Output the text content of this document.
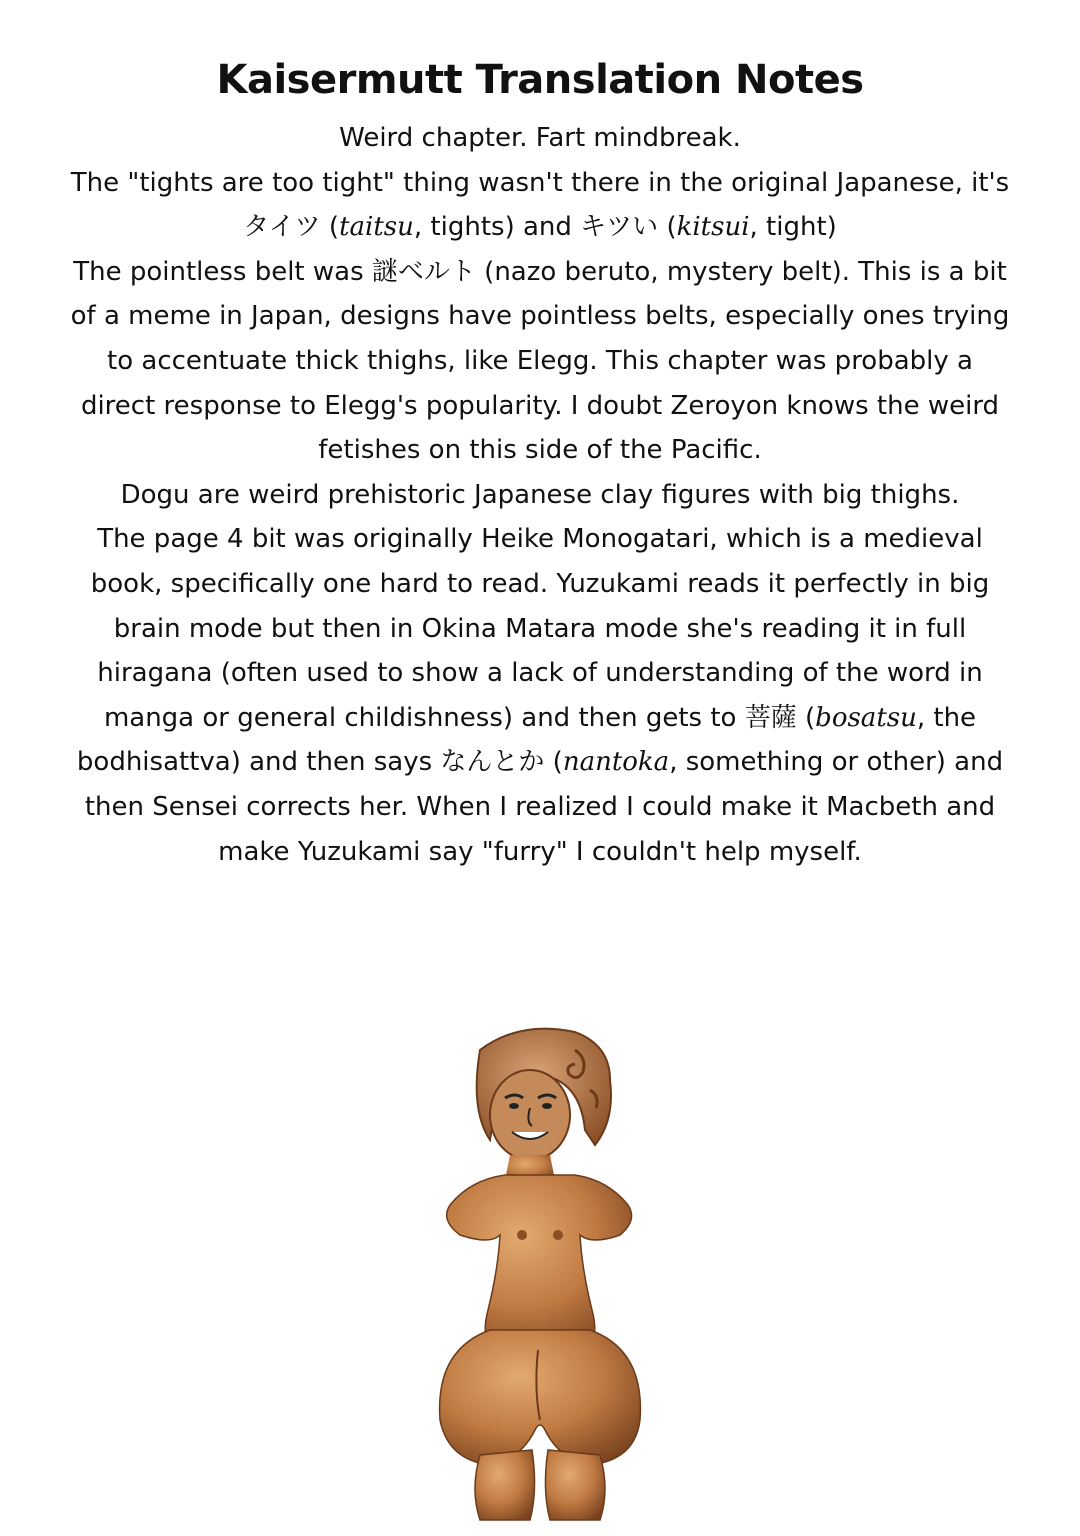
Kaisermutt Translation Notes

Weird chapter. Fart mindbreak.

The "tights are too tight" thing wasn't there in the original Japanese, it's タイツ (taitsu, tights) and キツい (kitsui, tight)

The pointless belt was 謎ベルト (nazo beruto, mystery belt). This is a bit of a meme in Japan, designs have pointless belts, especially ones trying to accentuate thick thighs, like Elegg. This chapter was probably a direct response to Elegg's popularity. I doubt Zeroyon knows the weird fetishes on this side of the Pacific.

Dogu are weird prehistoric Japanese clay figures with big thighs.

The page 4 bit was originally Heike Monogatari, which is a medieval book, specifically one hard to read. Yuzukami reads it perfectly in big brain mode but then in Okina Matara mode she's reading it in full hiragana (often used to show a lack of understanding of the word in manga or general childishness) and then gets to 菩薩 (bosatsu, the bodhisattva) and then says なんとか (nantoka, something or other) and then Sensei corrects her. When I realized I could make it Macbeth and make Yuzukami say "furry" I couldn't help myself.
